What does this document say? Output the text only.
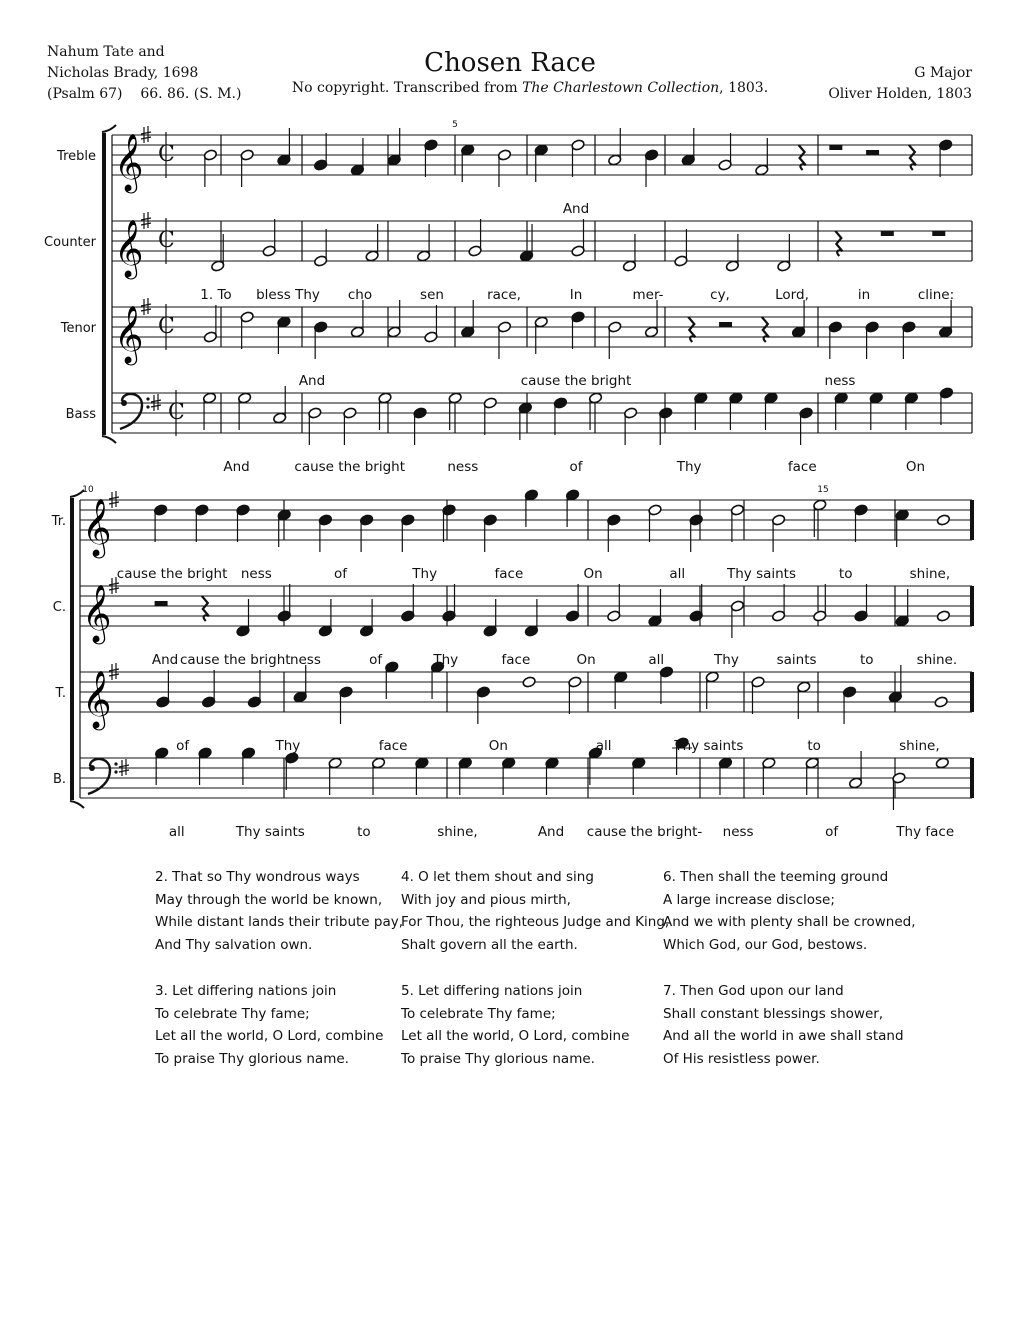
Nahum Tate and
Nicholas Brady, 1698
(Psalm 67)    66. 86. (S. M.)
Chosen Race
No copyright. Transcribed from The Charlestown Collection, 1803.
G Major
Oliver Holden, 1803
𝄞 C
Treble
𝄞 C
Counter
𝄞 C
Tenor
C
Bass
And
1. To bless Thy cho	sen	race,	In	mer-	cy,	Lord,	in	cline:
And	cause the bright	ness
And	cause the bright	ness	of	Thy	face	On
5
𝄞
Tr.
𝄞
C.
𝄞
T.
B.
cause the bright ness	of	Thy	face	On	all	Thy saints	to	shine,
And cause the bright ness	of	Thy	face	On	all	Thy	saints	to	shine.
of	Thy	face	On	all	Thy saints	to	shine,
all	Thy saints	to	shine,	And cause the bright- ness	of	Thy face
10	15
2. That so Thy wondrous ways
May through the world be known,
While distant lands their tribute pay,
And Thy salvation own.
4. O let them shout and sing
With joy and pious mirth,
For Thou, the righteous Judge and King,
Shalt govern all the earth.
6. Then shall the teeming ground
A large increase disclose;
And we with plenty shall be crowned,
Which God, our God, bestows.
3. Let differing nations join
To celebrate Thy fame;
Let all the world, O Lord, combine
To praise Thy glorious name.
5. Let differing nations join
To celebrate Thy fame;
Let all the world, O Lord, combine
To praise Thy glorious name.
7. Then God upon our land
Shall constant blessings shower,
And all the world in awe shall stand
Of His resistless power.
